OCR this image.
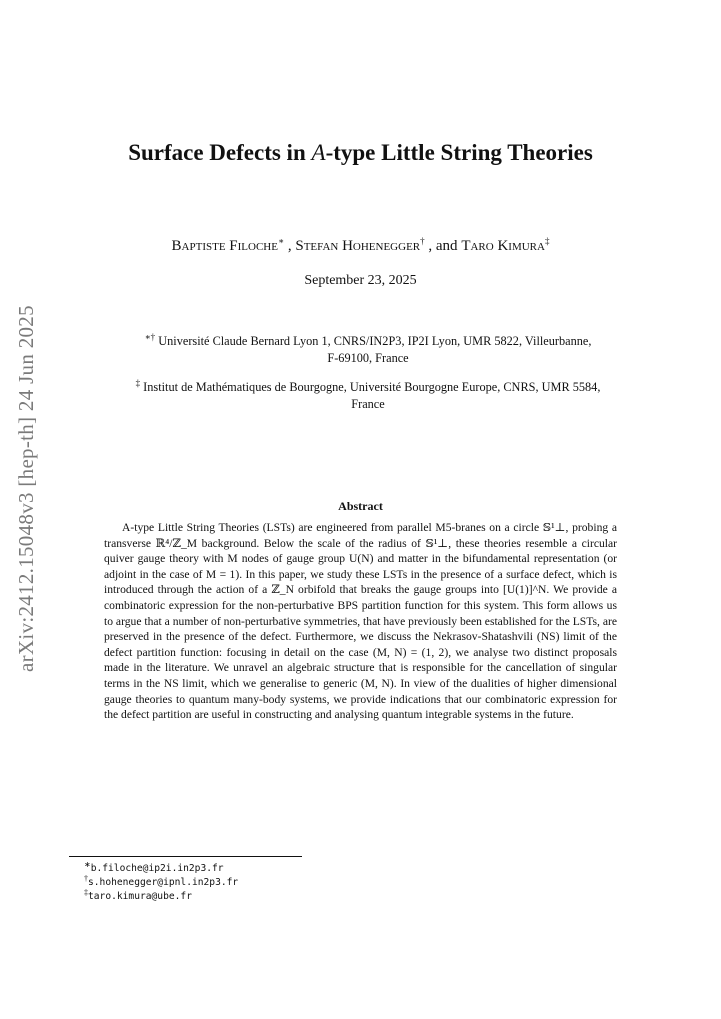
arXiv:2412.15048v3 [hep-th] 24 Jun 2025
Surface Defects in A-type Little String Theories
Baptiste Filoche∗ , Stefan Hohenegger† , and Taro Kimura‡
September 23, 2025
∗† Université Claude Bernard Lyon 1, CNRS/IN2P3, IP2I Lyon, UMR 5822, Villeurbanne,
F-69100, France
‡ Institut de Mathématiques de Bourgogne, Université Bourgogne Europe, CNRS, UMR 5584,
France
Abstract
A-type Little String Theories (LSTs) are engineered from parallel M5-branes on a circle 𝕊¹⊥, probing a transverse ℝ⁴/ℤ_M background. Below the scale of the radius of 𝕊¹⊥, these theories resemble a circular quiver gauge theory with M nodes of gauge group U(N) and matter in the bifundamental representation (or adjoint in the case of M = 1). In this paper, we study these LSTs in the presence of a surface defect, which is introduced through the action of a ℤ_N orbifold that breaks the gauge groups into [U(1)]^N. We provide a combinatoric expression for the non-perturbative BPS partition function for this system. This form allows us to argue that a number of non-perturbative symmetries, that have previously been established for the LSTs, are preserved in the presence of the defect. Furthermore, we discuss the Nekrasov-Shatashvili (NS) limit of the defect partition function: focusing in detail on the case (M, N) = (1, 2), we analyse two distinct proposals made in the literature. We unravel an algebraic structure that is responsible for the cancellation of singular terms in the NS limit, which we generalise to generic (M, N). In view of the dualities of higher dimensional gauge theories to quantum many-body systems, we provide indications that our combinatoric expression for the defect partition are useful in constructing and analysing quantum integrable systems in the future.
∗b.filoche@ip2i.in2p3.fr
†s.hohenegger@ipnl.in2p3.fr
‡taro.kimura@ube.fr
